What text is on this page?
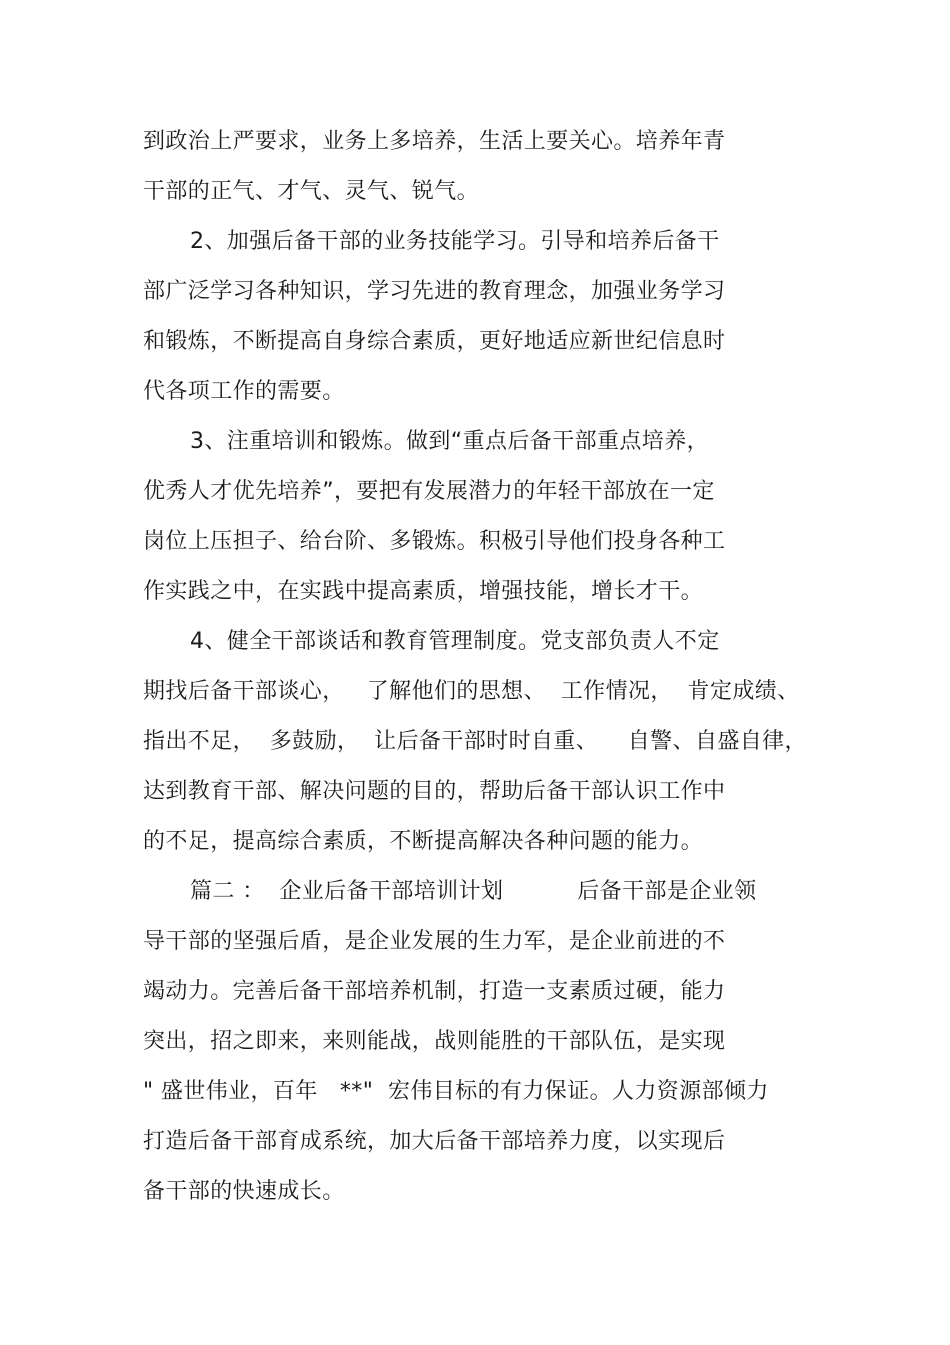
到政治上严要求，业务上多培养，生活上要关心。培养年青
干部的正气、才气、灵气、锐气。
2、加强后备干部的业务技能学习。引导和培养后备干
部广泛学习各种知识，学习先进的教育理念，加强业务学习
和锻炼，不断提高自身综合素质，更好地适应新世纪信息时
代各项工作的需要。
3、注重培训和锻炼。做到“重点后备干部重点培养，
优秀人才优先培养”，要把有发展潜力的年轻干部放在一定
岗位上压担子、给台阶、多锻炼。积极引导他们投身各种工
作实践之中，在实践中提高素质，增强技能，增长才干。
4、健全干部谈话和教育管理制度。党支部负责人不定
期找后备干部谈心，   了解他们的思想、  工作情况，  肯定成绩、
指出不足，  多鼓励，  让后备干部时时自重、    自警、自盛自律，
达到教育干部、解决问题的目的，帮助后备干部认识工作中
的不足，提高综合素质，不断提高解决各种问题的能力。
篇二 ：  企业后备干部培训计划          后备干部是企业领
导干部的坚强后盾，是企业发展的生力军，是企业前进的不
竭动力。完善后备干部培养机制，打造一支素质过硬，能力
突出，招之即来，来则能战，战则能胜的干部队伍，是实现
" 盛世伟业，百年   **"  宏伟目标的有力保证。人力资源部倾力
打造后备干部育成系统，加大后备干部培养力度，以实现后
备干部的快速成长。
